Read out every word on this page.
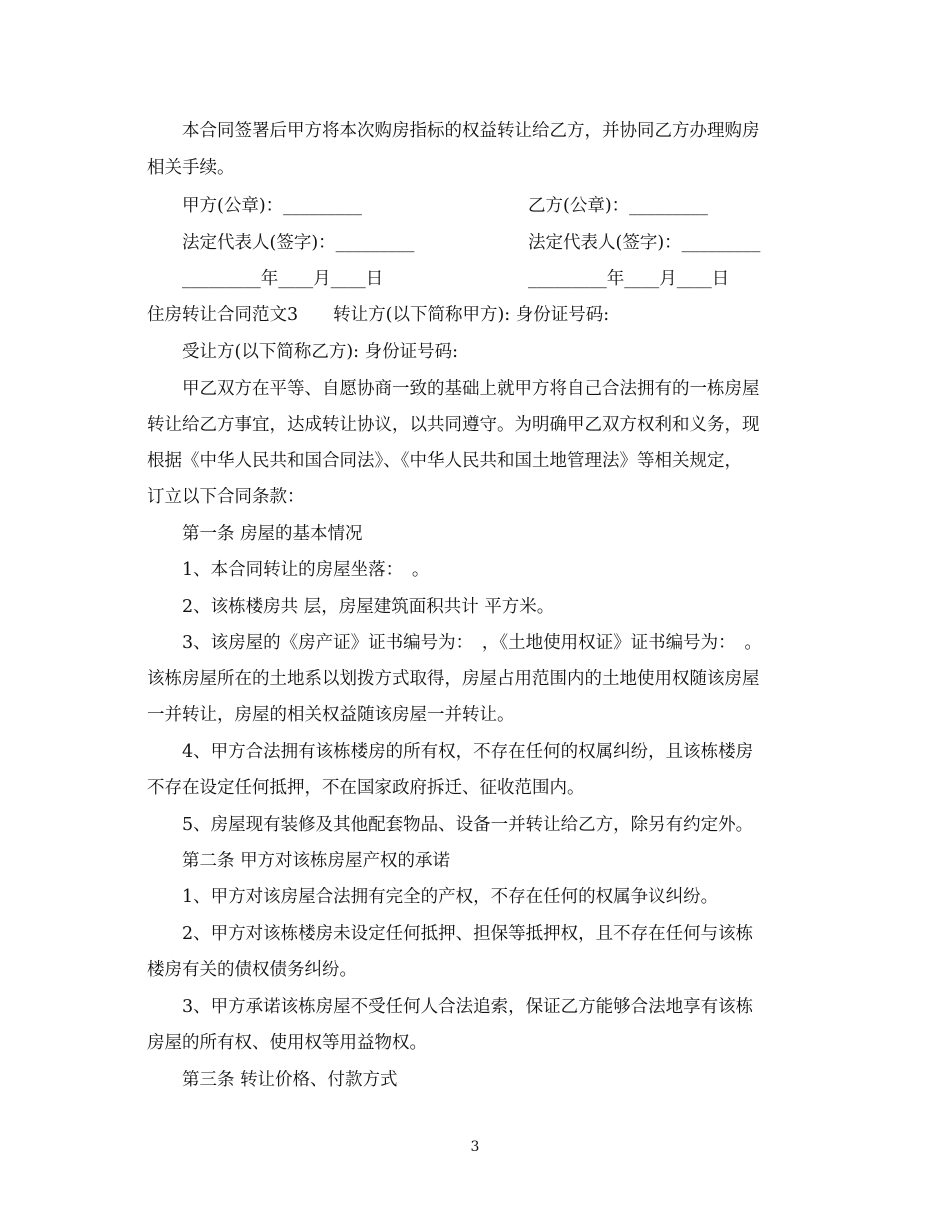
本合同签署后甲方将本次购房指标的权益转让给乙方，并协同乙方办理购房
相关手续。
甲方(公章)：_________	乙方(公章)：_________
法定代表人(签字)：_________	法定代表人(签字)：_________
_________年____月____日	_________年____月____日
住房转让合同范文3　　转让方(以下简称甲方): 身份证号码:
受让方(以下简称乙方): 身份证号码:
甲乙双方在平等、自愿协商一致的基础上就甲方将自己合法拥有的一栋房屋
转让给乙方事宜，达成转让协议，以共同遵守。为明确甲乙双方权利和义务，现
根据《中华人民共和国合同法》、《中华人民共和国土地管理法》等相关规定，
订立以下合同条款：
第一条 房屋的基本情况
1、本合同转让的房屋坐落：　。
2、该栋楼房共 层，房屋建筑面积共计 平方米。
3、该房屋的《房产证》证书编号为：　，《土地使用权证》证书编号为：　。
该栋房屋所在的土地系以划拨方式取得，房屋占用范围内的土地使用权随该房屋
一并转让，房屋的相关权益随该房屋一并转让。
4、甲方合法拥有该栋楼房的所有权，不存在任何的权属纠纷，且该栋楼房
不存在设定任何抵押，不在国家政府拆迁、征收范围内。
5、房屋现有装修及其他配套物品、设备一并转让给乙方，除另有约定外。
第二条 甲方对该栋房屋产权的承诺
1、甲方对该房屋合法拥有完全的产权，不存在任何的权属争议纠纷。
2、甲方对该栋楼房未设定任何抵押、担保等抵押权，且不存在任何与该栋
楼房有关的债权债务纠纷。
3、甲方承诺该栋房屋不受任何人合法追索，保证乙方能够合法地享有该栋
房屋的所有权、使用权等用益物权。
第三条 转让价格、付款方式
3
